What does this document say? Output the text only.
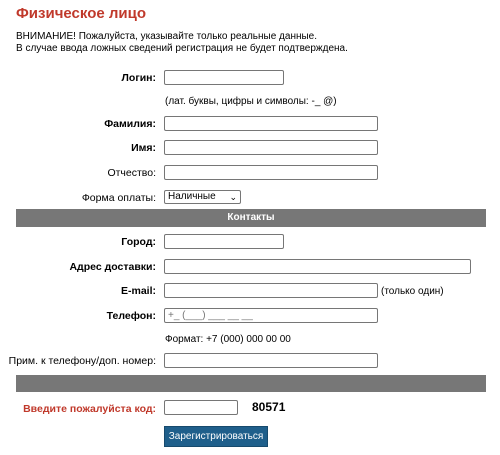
Физическое лицо
ВНИМАНИЕ! Пожалуйста, указывайте только реальные данные.
В случае ввода ложных сведений регистрация не будет подтверждена.
Логин:
(лат. буквы, цифры и символы: -_ @)
Фамилия:
Имя:
Отчество:
Форма оплаты:	Наличные ⌄
Контакты
Город:
Адрес доставки:
E-mail:	(только один)
Телефон:
+_ (___) ___ __ __
Формат: +7 (000) 000 00 00
Прим. к телефону/доп. номер:
Введите пожалуйста код:	80571
Зарегистрироваться
